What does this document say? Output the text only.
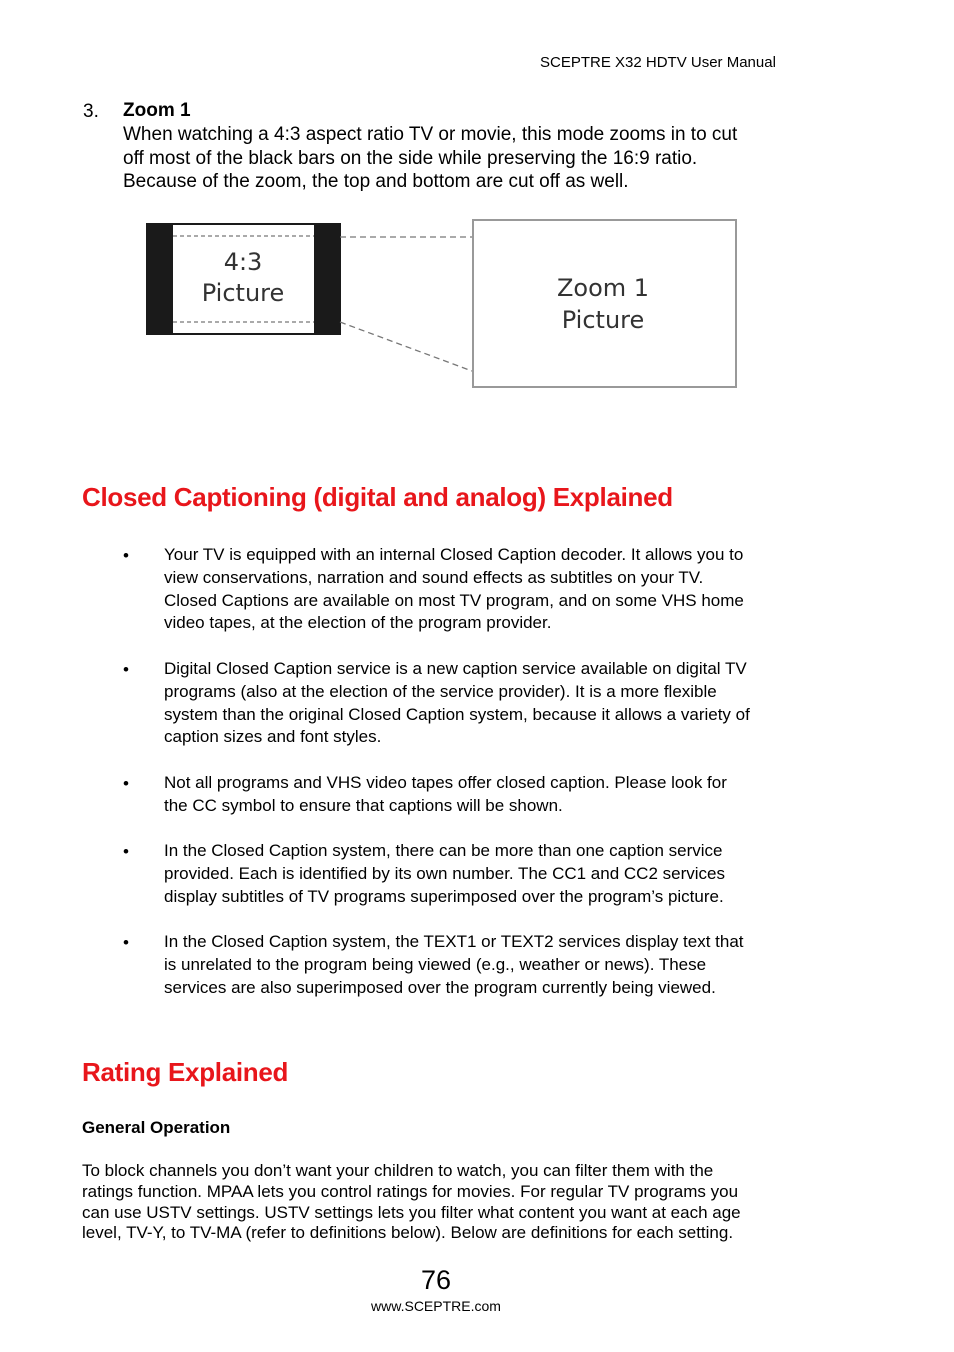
SCEPTRE X32 HDTV User Manual
3. Zoom 1
When watching a 4:3 aspect ratio TV or movie, this mode zooms in to cut
off most of the black bars on the side while preserving the 16:9 ratio.
Because of the zoom, the top and bottom are cut off as well.
4:3
Picture	Zoom 1
Picture
Closed Captioning (digital and analog) Explained
• Your TV is equipped with an internal Closed Caption decoder. It allows you to
view conservations, narration and sound effects as subtitles on your TV.
Closed Captions are available on most TV program, and on some VHS home
video tapes, at the election of the program provider.
• Digital Closed Caption service is a new caption service available on digital TV
programs (also at the election of the service provider). It is a more flexible
system than the original Closed Caption system, because it allows a variety of
caption sizes and font styles.
• Not all programs and VHS video tapes offer closed caption. Please look for
the CC symbol to ensure that captions will be shown.
• In the Closed Caption system, there can be more than one caption service
provided. Each is identified by its own number. The CC1 and CC2 services
display subtitles of TV programs superimposed over the program’s picture.
• In the Closed Caption system, the TEXT1 or TEXT2 services display text that
is unrelated to the program being viewed (e.g., weather or news). These
services are also superimposed over the program currently being viewed.
Rating Explained
General Operation
To block channels you don’t want your children to watch, you can filter them with the
ratings function. MPAA lets you control ratings for movies. For regular TV programs you
can use USTV settings. USTV settings lets you filter what content you want at each age
level, TV-Y, to TV-MA (refer to definitions below). Below are definitions for each setting.
76
www.SCEPTRE.com
